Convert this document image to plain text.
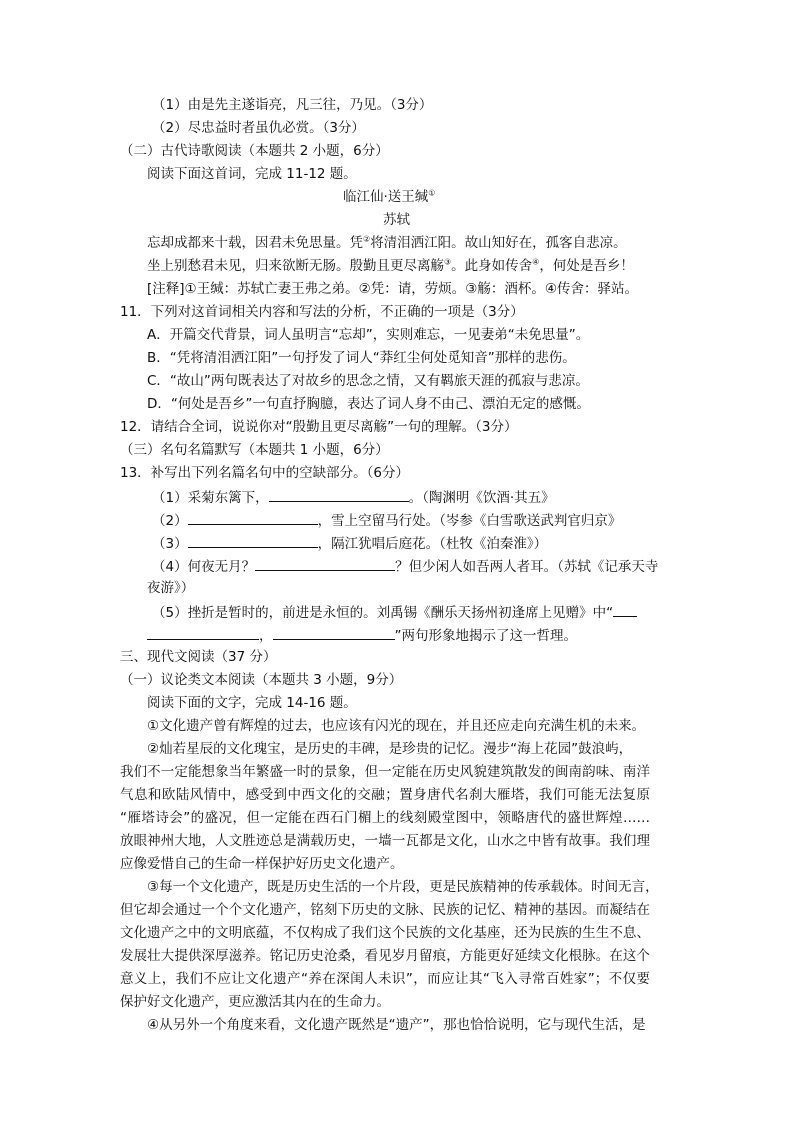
（1）由是先主遂诣亮，凡三往，乃见。（3分）
（2）尽忠益时者虽仇必赏。（3分）
（二）古代诗歌阅读（本题共 2 小题，6分）
阅读下面这首词，完成 11-12 题。
临江仙·送王缄①
苏轼
忘却成都来十载，因君未免思量。凭②将清泪洒江阳。故山知好在，孤客自悲凉。
坐上别愁君未见，归来欲断无肠。殷勤且更尽离觞③。此身如传舍④，何处是吾乡！
[注释]①王缄：苏轼亡妻王弗之弟。②凭：请，劳烦。③觞：酒杯。④传舍：驿站。
11．下列对这首词相关内容和写法的分析，不正确的一项是（3分）
A．开篇交代背景，词人虽明言“忘却”，实则难忘，一见妻弟“未免思量”。
B．“凭将清泪洒江阳”一句抒发了词人“莽红尘何处觅知音”那样的悲伤。
C．“故山”两句既表达了对故乡的思念之情，又有羁旅天涯的孤寂与悲凉。
D．“何处是吾乡”一句直抒胸臆，表达了词人身不由己、漂泊无定的感慨。
12．请结合全词，说说你对“殷勤且更尽离觞”一句的理解。（3分）
（三）名句名篇默写（本题共 1 小题，6分）
13．补写出下列名篇名句中的空缺部分。（6分）
（1）采菊东篱下，	。（陶渊明《饮酒·其五》
（2）	，雪上空留马行处。（岑参《白雪歌送武判官归京》
（3）	，隔江犹唱后庭花。（杜牧《泊秦淮》）
（4）何夜无月？	？但少闲人如吾两人者耳。（苏轼《记承天寺
夜游》）
（5）挫折是暂时的，前进是永恒的。刘禹锡《酬乐天扬州初逢席上见赠》中“
，	”两句形象地揭示了这一哲理。
三、现代文阅读（37 分）
（一）议论类文本阅读（本题共 3 小题，9分）
阅读下面的文字，完成 14-16 题。
①文化遗产曾有辉煌的过去，也应该有闪光的现在，并且还应走向充满生机的未来。
②灿若星辰的文化瑰宝，是历史的丰碑，是珍贵的记忆。漫步“海上花园”鼓浪屿，
我们不一定能想象当年繁盛一时的景象，但一定能在历史风貌建筑散发的闽南韵味、南洋
气息和欧陆风情中，感受到中西文化的交融；置身唐代名刹大雁塔，我们可能无法复原
“雁塔诗会”的盛况，但一定能在西石门楣上的线刻殿堂图中，领略唐代的盛世辉煌……
放眼神州大地，人文胜迹总是满载历史，一墙一瓦都是文化，山水之中皆有故事。我们理
应像爱惜自己的生命一样保护好历史文化遗产。
③每一个文化遗产，既是历史生活的一个片段，更是民族精神的传承载体。时间无言，
但它却会通过一个个文化遗产，铭刻下历史的文脉、民族的记忆、精神的基因。而凝结在
文化遗产之中的文明底蕴，不仅构成了我们这个民族的文化基座，还为民族的生生不息、
发展壮大提供深厚滋养。铭记历史沧桑，看见岁月留痕，方能更好延续文化根脉。在这个
意义上，我们不应让文化遗产“养在深闺人未识”，而应让其“飞入寻常百姓家”；不仅要
保护好文化遗产，更应激活其内在的生命力。
④从另外一个角度来看，文化遗产既然是“遗产”，那也恰恰说明，它与现代生活，是
